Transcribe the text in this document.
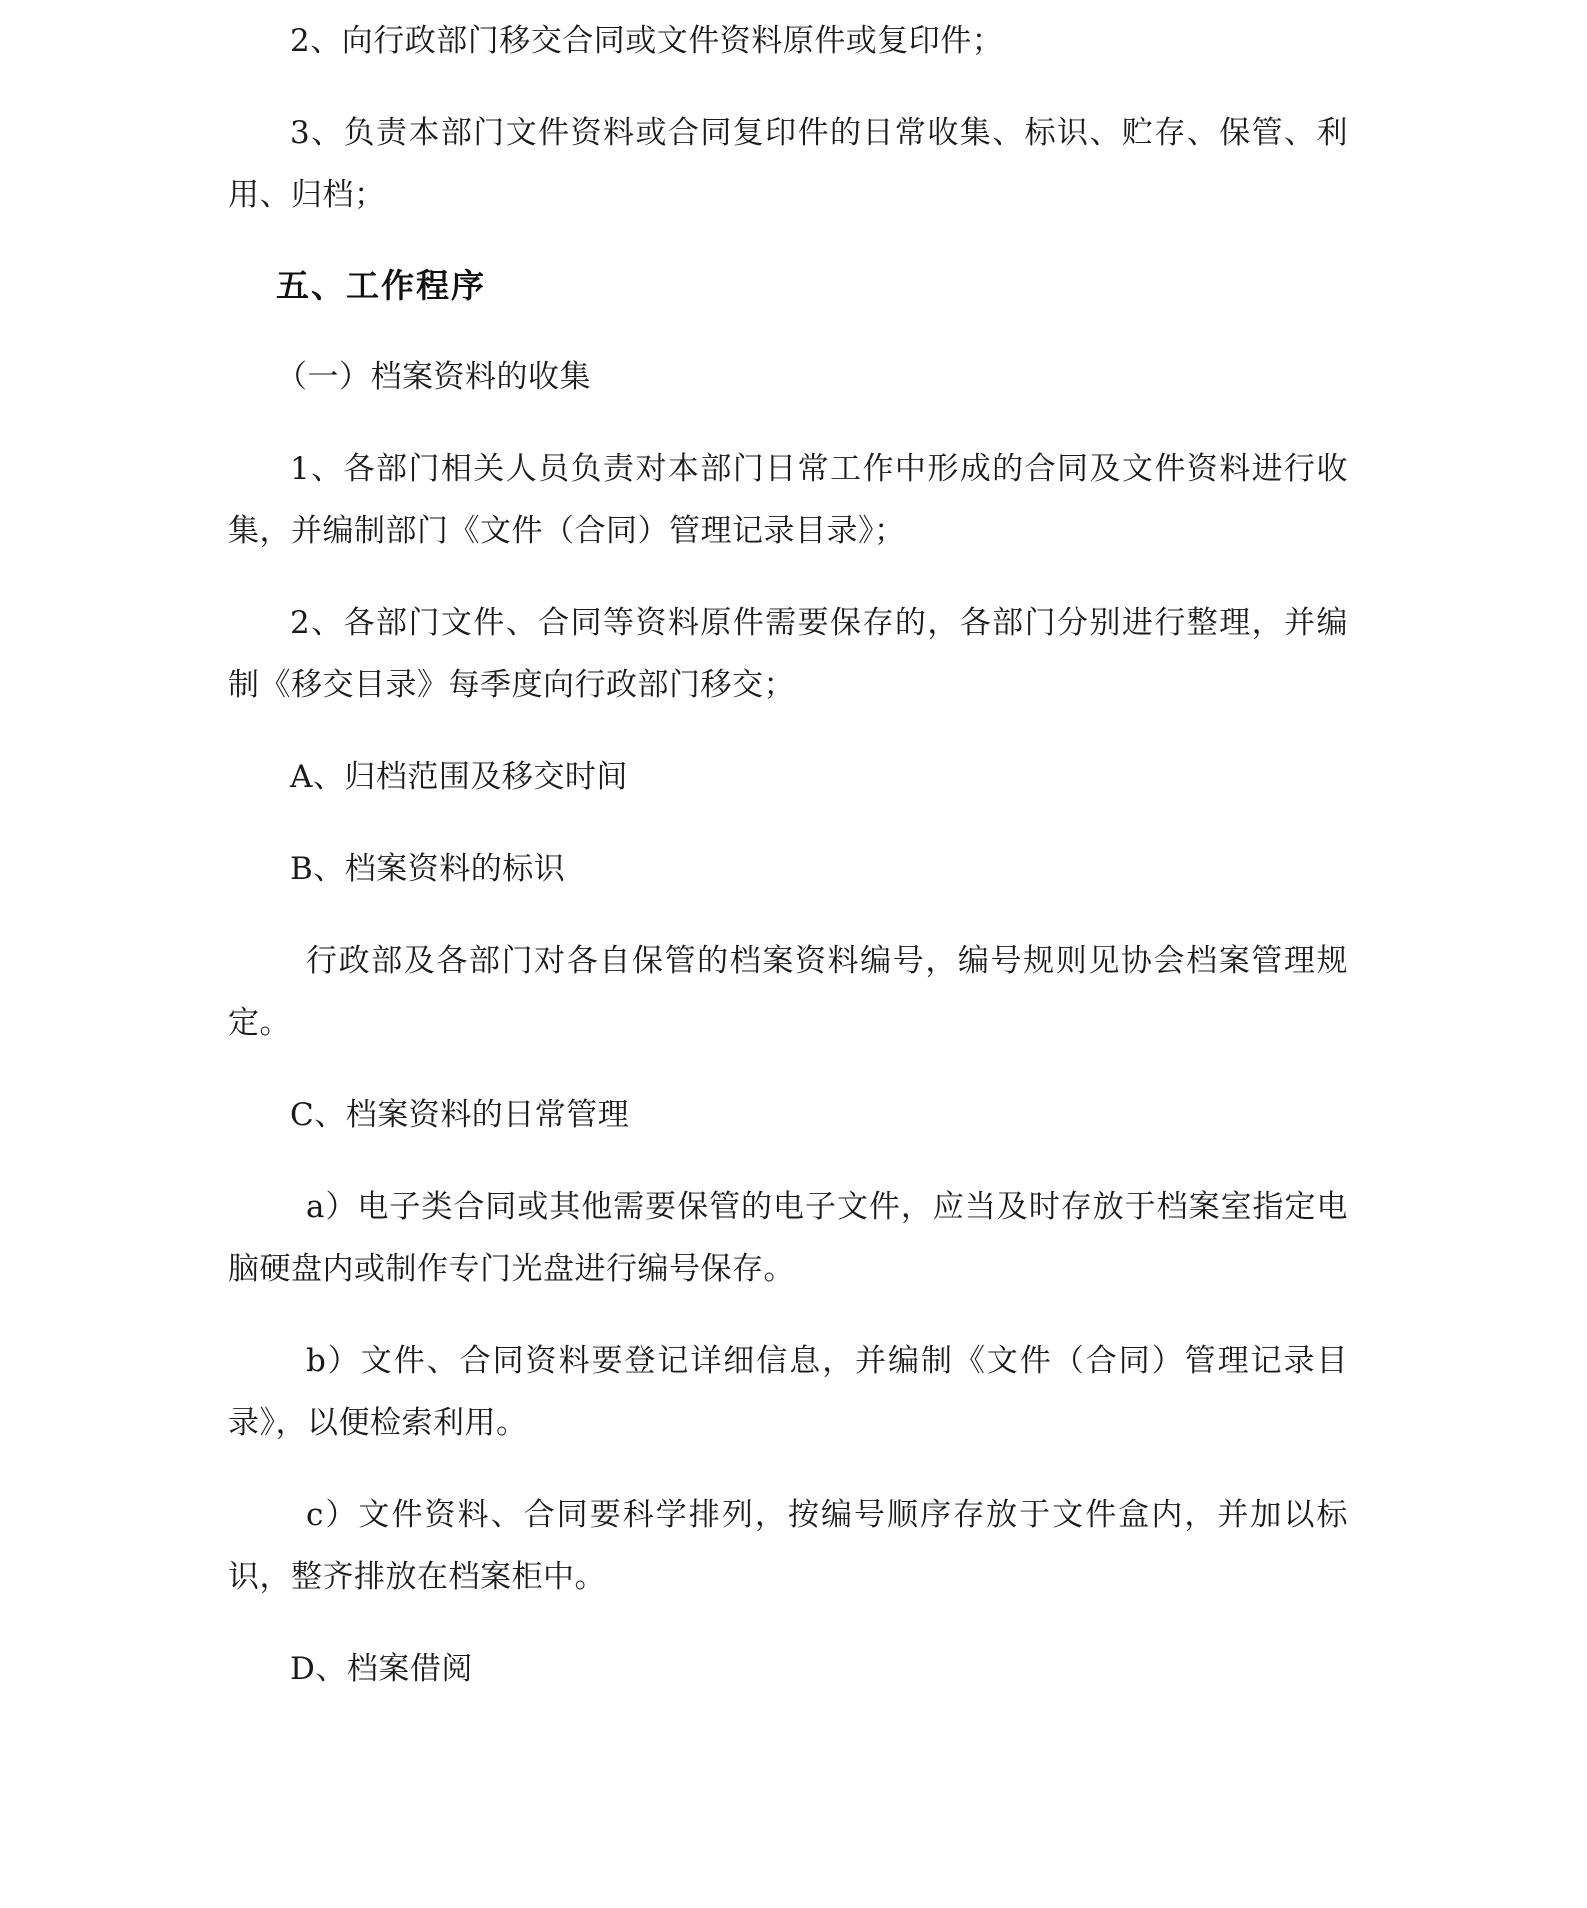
2、向行政部门移交合同或文件资料原件或复印件；

3、负责本部门文件资料或合同复印件的日常收集、标识、贮存、保管、利用、归档；

五、工作程序

（一）档案资料的收集

1、各部门相关人员负责对本部门日常工作中形成的合同及文件资料进行收集，并编制部门《文件（合同）管理记录目录》；

2、各部门文件、合同等资料原件需要保存的，各部门分别进行整理，并编制《移交目录》每季度向行政部门移交；

A、归档范围及移交时间

B、档案资料的标识

行政部及各部门对各自保管的档案资料编号，编号规则见协会档案管理规定。

C、档案资料的日常管理

a）电子类合同或其他需要保管的电子文件，应当及时存放于档案室指定电脑硬盘内或制作专门光盘进行编号保存。

b）文件、合同资料要登记详细信息，并编制《文件（合同）管理记录目录》，以便检索利用。

c）文件资料、合同要科学排列，按编号顺序存放于文件盒内，并加以标识，整齐排放在档案柜中。

D、档案借阅
